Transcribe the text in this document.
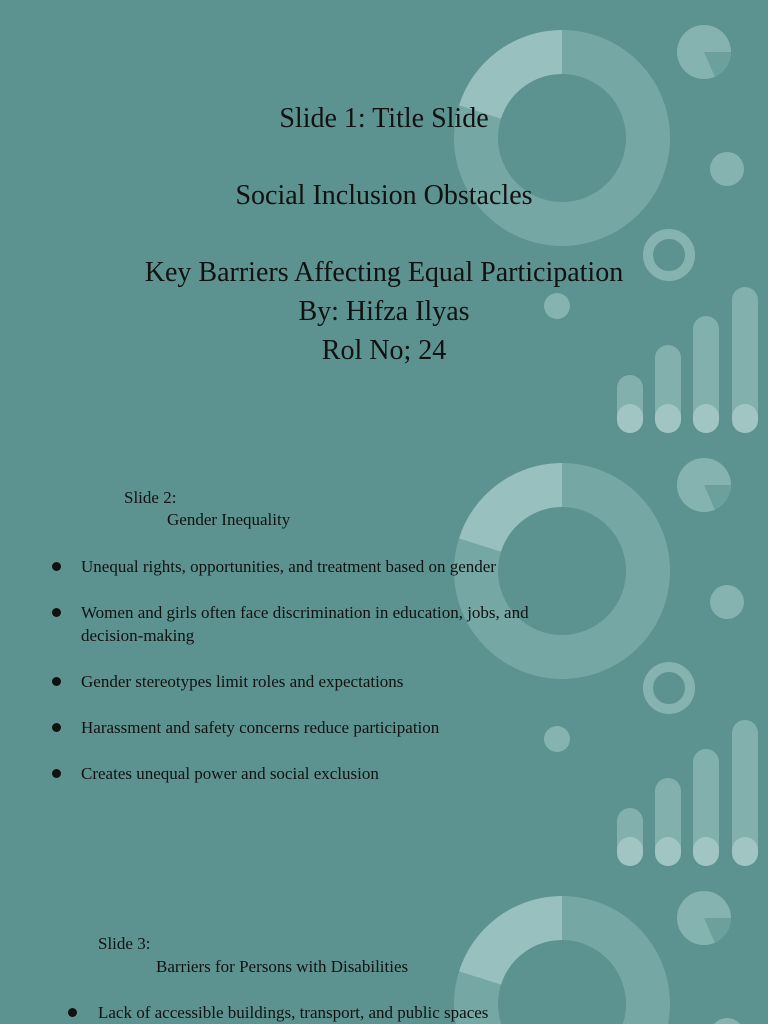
Slide 1: Title Slide
Social Inclusion Obstacles
Key Barriers Affecting Equal Participation
By: Hifza Ilyas
Rol No; 24
Slide 2:
Gender Inequality
Unequal rights, opportunities, and treatment based on gender
Women and girls often face discrimination in education, jobs, and
decision-making
Gender stereotypes limit roles and expectations
Harassment and safety concerns reduce participation
Creates unequal power and social exclusion
Slide 3:
Barriers for Persons with Disabilities
Lack of accessible buildings, transport, and public spaces
